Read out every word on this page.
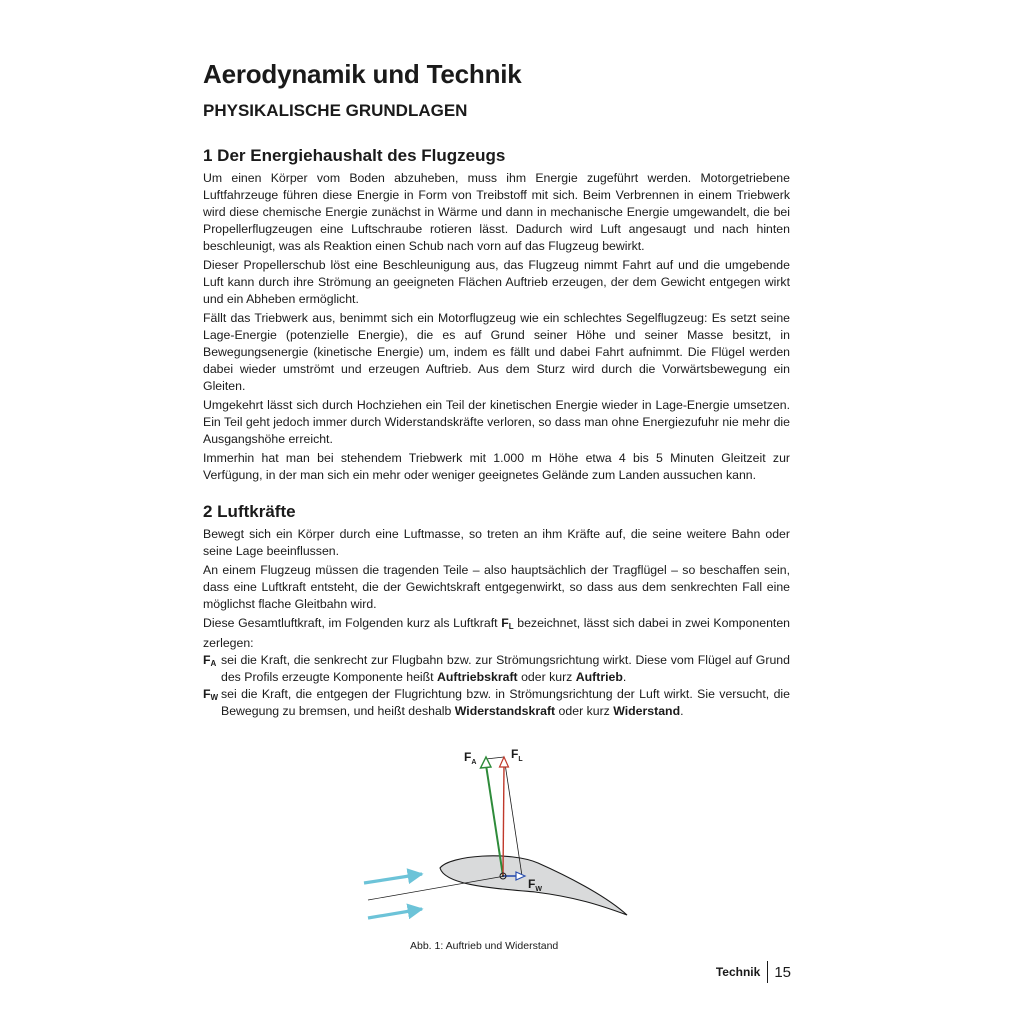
Aerodynamik und Technik
PHYSIKALISCHE GRUNDLAGEN
1 Der Energiehaushalt des Flugzeugs

Um einen Körper vom Boden abzuheben, muss ihm Energie zugeführt werden. Motorgetriebene Luftfahrzeuge führen diese Energie in Form von Treibstoff mit sich. Beim Verbrennen in einem Triebwerk wird diese chemische Energie zunächst in Wärme und dann in mechanische Energie umgewandelt, die bei Propellerflugzeugen eine Luftschraube rotieren lässt. Dadurch wird Luft angesaugt und nach hinten beschleunigt, was als Reaktion einen Schub nach vorn auf das Flugzeug bewirkt.

Dieser Propellerschub löst eine Beschleunigung aus, das Flugzeug nimmt Fahrt auf und die umgebende Luft kann durch ihre Strömung an geeigneten Flächen Auftrieb erzeugen, der dem Gewicht entgegen wirkt und ein Abheben ermöglicht.

Fällt das Triebwerk aus, benimmt sich ein Motorflugzeug wie ein schlechtes Segelflugzeug: Es setzt seine Lage-Energie (potenzielle Energie), die es auf Grund seiner Höhe und seiner Masse besitzt, in Bewegungsenergie (kinetische Energie) um, indem es fällt und dabei Fahrt aufnimmt. Die Flügel werden dabei wieder umströmt und erzeugen Auftrieb. Aus dem Sturz wird durch die Vorwärtsbewegung ein Gleiten.

Umgekehrt lässt sich durch Hochziehen ein Teil der kinetischen Energie wieder in Lage-Energie umsetzen. Ein Teil geht jedoch immer durch Widerstandskräfte verloren, so dass man ohne Energiezufuhr nie mehr die Ausgangshöhe erreicht.

Immerhin hat man bei stehendem Triebwerk mit 1.000 m Höhe etwa 4 bis 5 Minuten Gleitzeit zur Verfügung, in der man sich ein mehr oder weniger geeignetes Gelände zum Landen aussuchen kann.

2 Luftkräfte

Bewegt sich ein Körper durch eine Luftmasse, so treten an ihm Kräfte auf, die seine weitere Bahn oder seine Lage beeinflussen.

An einem Flugzeug müssen die tragenden Teile – also hauptsächlich der Tragflügel – so beschaffen sein, dass eine Luftkraft entsteht, die der Gewichtskraft entgegenwirkt, so dass aus dem senkrechten Fall eine möglichst flache Gleitbahn wird.

Diese Gesamtluftkraft, im Folgenden kurz als Luftkraft $F_L$ bezeichnet, lässt sich dabei in zwei Komponenten zerlegen:

$F_A$ sei die Kraft, die senkrecht zur Flugbahn bzw. zur Strömungsrichtung wirkt. Diese vom Flügel auf Grund des Profils erzeugte Komponente heißt Auftriebskraft oder kurz Auftrieb.
$F_W$ sei die Kraft, die entgegen der Flugrichtung bzw. in Strömungsrichtung der Luft wirkt. Sie versucht, die Bewegung zu bremsen, und heißt deshalb Widerstandskraft oder kurz Widerstand.
$F_A$
$F_L$
$F_W$
Abb. 1: Auftrieb und Widerstand
Technik 15
